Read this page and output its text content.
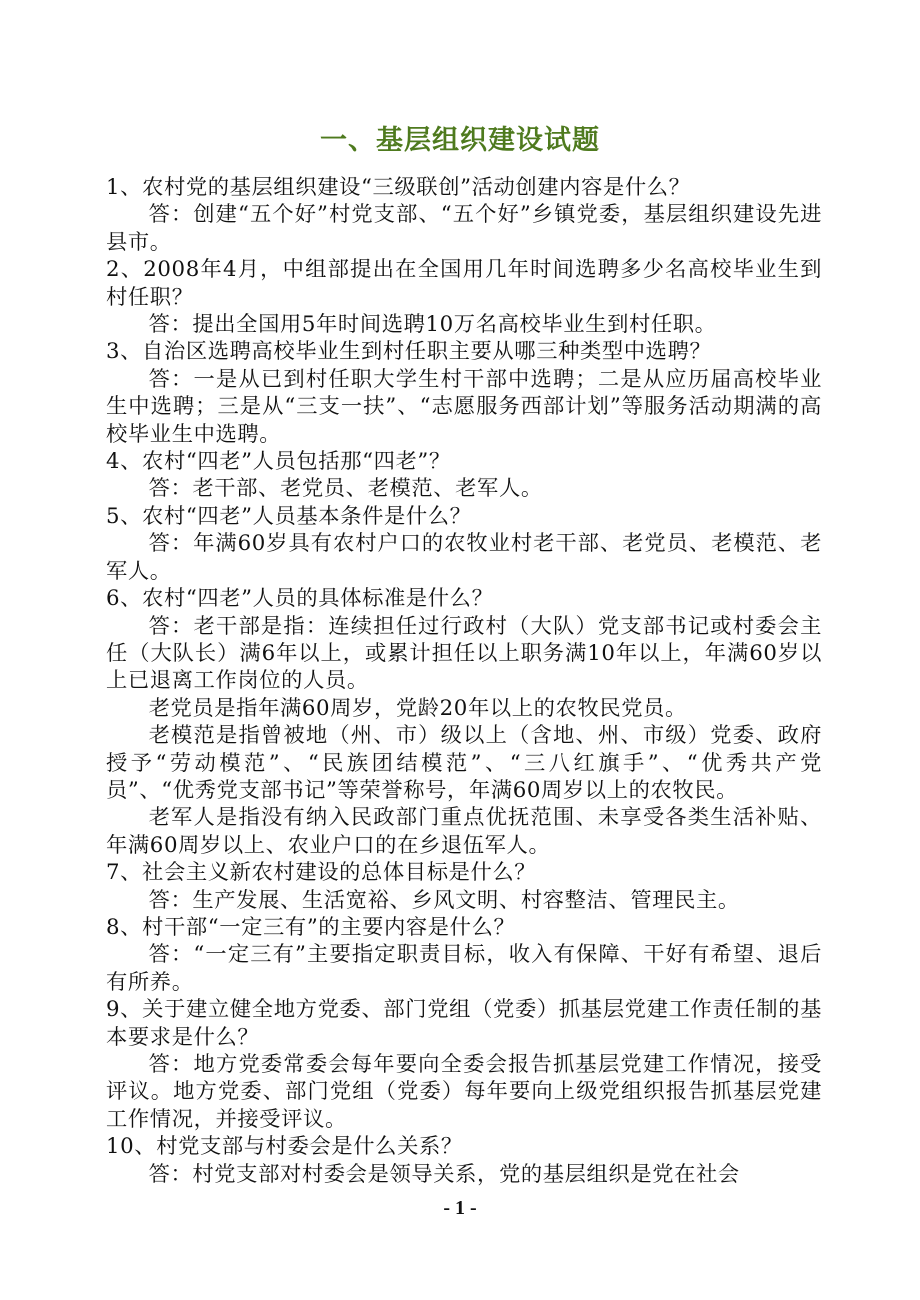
一、基层组织建设试题

1、农村党的基层组织建设“三级联创”活动创建内容是什么？

答：创建“五个好”村党支部、“五个好”乡镇党委，基层组织建设先进县市。

2、2008年4月，中组部提出在全国用几年时间选聘多少名高校毕业生到村任职？

答：提出全国用5年时间选聘10万名高校毕业生到村任职。

3、自治区选聘高校毕业生到村任职主要从哪三种类型中选聘？

答：一是从已到村任职大学生村干部中选聘；二是从应历届高校毕业生中选聘；三是从“三支一扶”、“志愿服务西部计划”等服务活动期满的高校毕业生中选聘。

4、农村“四老”人员包括那“四老”？

答：老干部、老党员、老模范、老军人。

5、农村“四老”人员基本条件是什么？

答：年满60岁具有农村户口的农牧业村老干部、老党员、老模范、老军人。

6、农村“四老”人员的具体标准是什么？

答：老干部是指：连续担任过行政村（大队）党支部书记或村委会主任（大队长）满6年以上，或累计担任以上职务满10年以上，年满60岁以上已退离工作岗位的人员。

老党员是指年满60周岁，党龄20年以上的农牧民党员。

老模范是指曾被地（州、市）级以上（含地、州、市级）党委、政府授予“劳动模范”、“民族团结模范”、“三八红旗手”、“优秀共产党员”、“优秀党支部书记”等荣誉称号，年满60周岁以上的农牧民。

老军人是指没有纳入民政部门重点优抚范围、未享受各类生活补贴、年满60周岁以上、农业户口的在乡退伍军人。

7、社会主义新农村建设的总体目标是什么？

答：生产发展、生活宽裕、乡风文明、村容整洁、管理民主。

8、村干部“一定三有”的主要内容是什么？

答：“一定三有”主要指定职责目标，收入有保障、干好有希望、退后有所养。

9、关于建立健全地方党委、部门党组（党委）抓基层党建工作责任制的基本要求是什么？

答：地方党委常委会每年要向全委会报告抓基层党建工作情况，接受评议。地方党委、部门党组（党委）每年要向上级党组织报告抓基层党建工作情况，并接受评议。

10、村党支部与村委会是什么关系？

答：村党支部对村委会是领导关系，党的基层组织是党在社会

- 1 -
